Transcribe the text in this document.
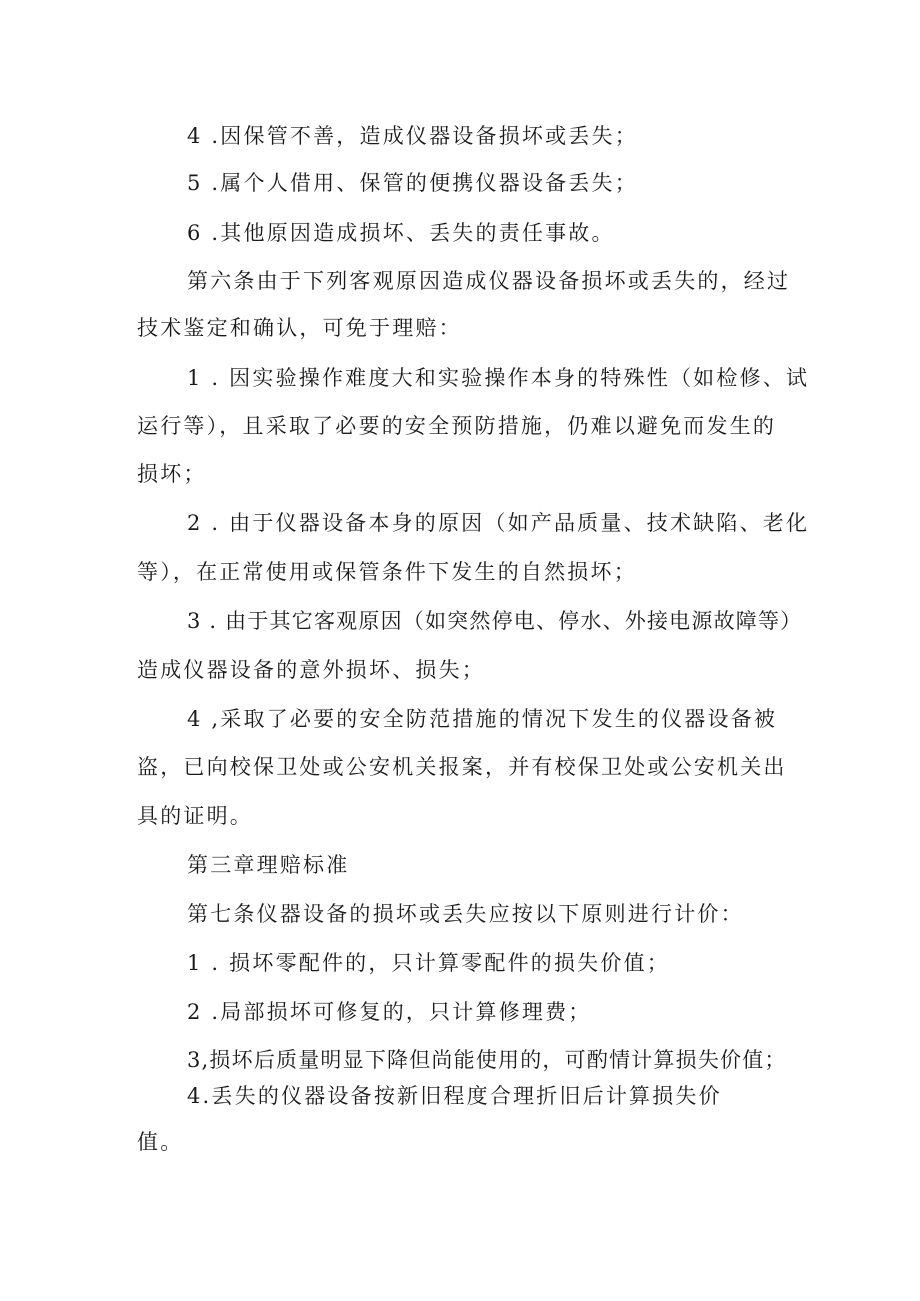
4 .因保管不善，造成仪器设备损坏或丢失；
5 .属个人借用、保管的便携仪器设备丢失；
6 .其他原因造成损坏、丢失的责任事故。
第六条由于下列客观原因造成仪器设备损坏或丢失的，经过
技术鉴定和确认，可免于理赔：
1 . 因实验操作难度大和实验操作本身的特殊性（如检修、试
运行等），且采取了必要的安全预防措施，仍难以避免而发生的
损坏；
2 . 由于仪器设备本身的原因（如产品质量、技术缺陷、老化
等），在正常使用或保管条件下发生的自然损坏；
3 . 由于其它客观原因（如突然停电、停水、外接电源故障等）
造成仪器设备的意外损坏、损失；
4 ,采取了必要的安全防范措施的情况下发生的仪器设备被
盗，已向校保卫处或公安机关报案，并有校保卫处或公安机关出
具的证明。
第三章理赔标准
第七条仪器设备的损坏或丢失应按以下原则进行计价：
1 . 损坏零配件的，只计算零配件的损失价值；
2 .局部损坏可修复的，只计算修理费；
3,损坏后质量明显下降但尚能使用的，可酌情计算损失价值；
4.丢失的仪器设备按新旧程度合理折旧后计算损失价
值。
